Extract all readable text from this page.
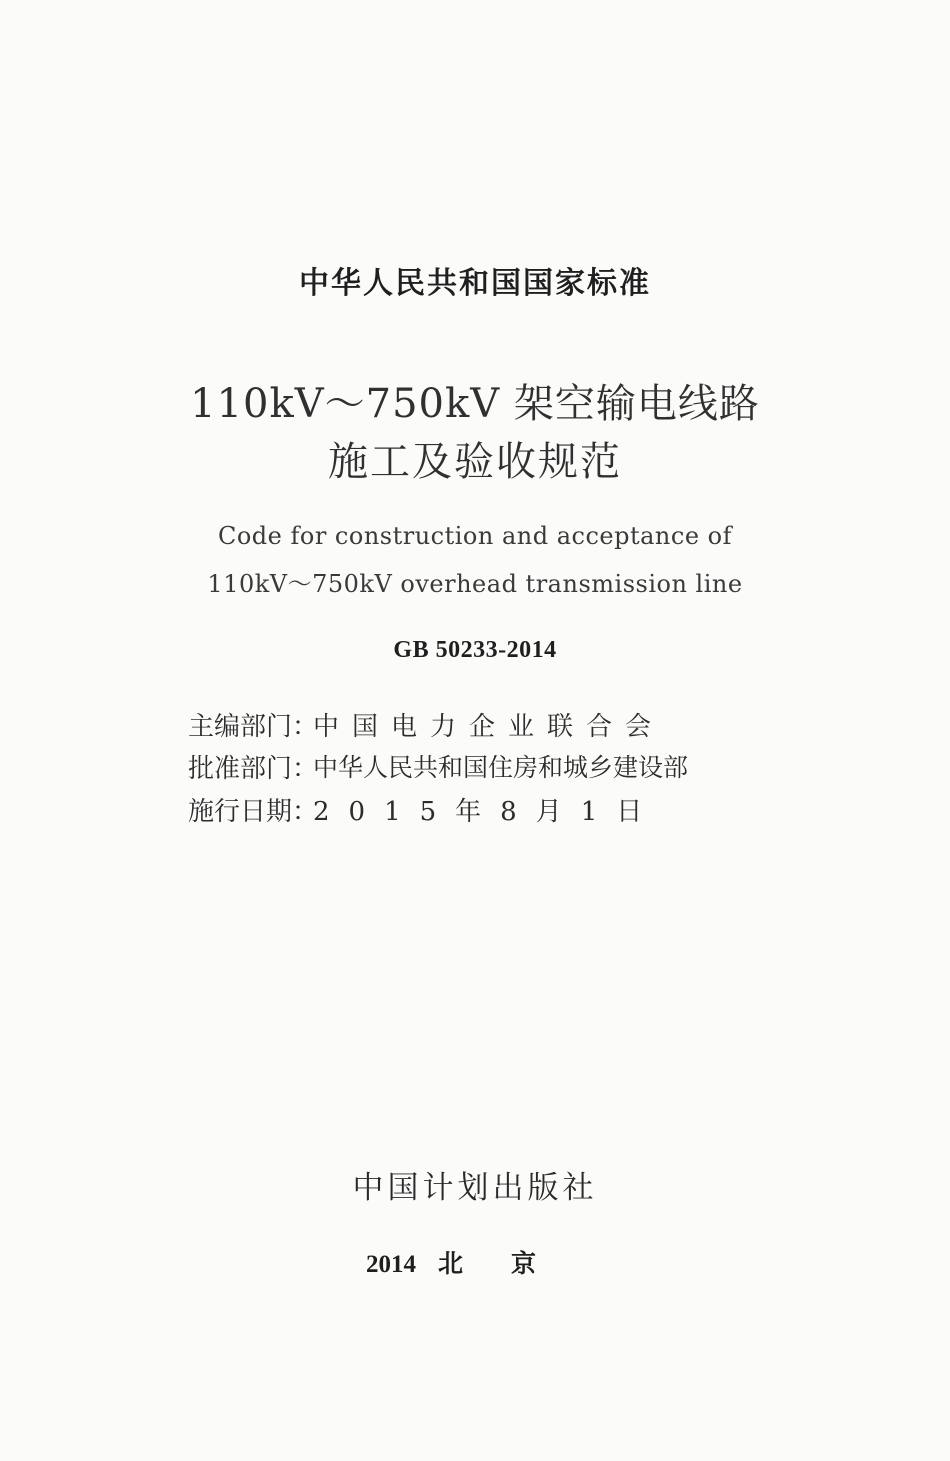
中华人民共和国国家标准
110kV～750kV 架空输电线路
施工及验收规范
Code for construction and acceptance of
110kV～750kV overhead transmission line
GB 50233-2014
主编部门：
中国电力企业联合会
批准部门：
中华人民共和国住房和城乡建设部
施行日期：
2015年8月1日
中国计划出版社
2014 北京
